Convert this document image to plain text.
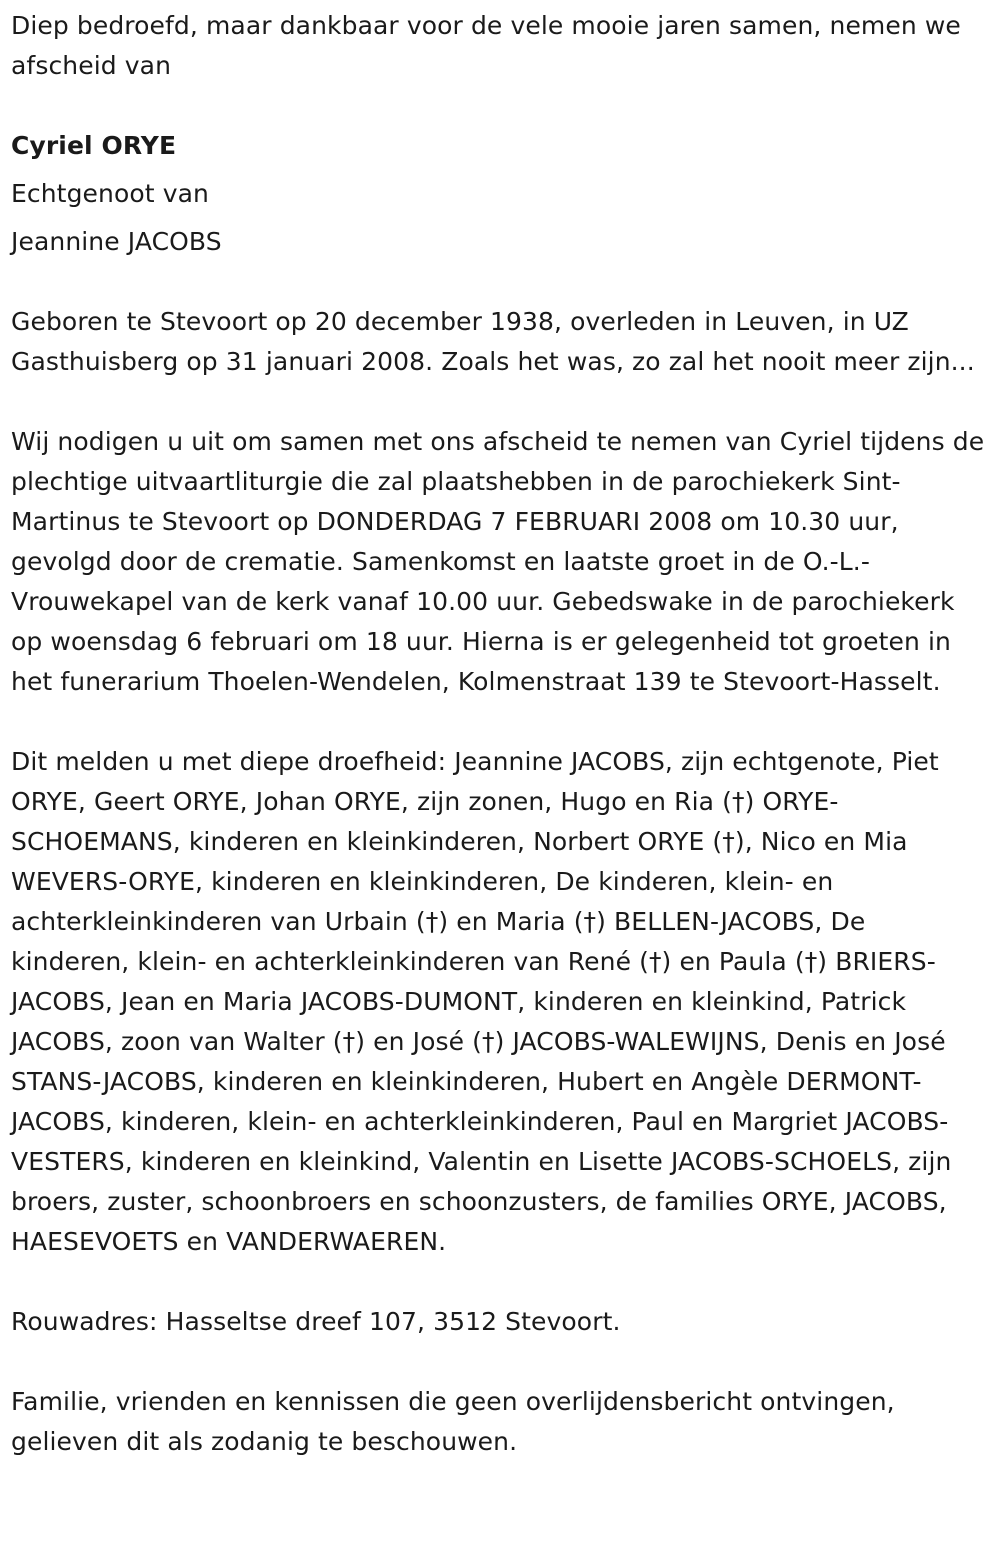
Diep bedroefd, maar dankbaar voor de vele mooie jaren samen, nemen we afscheid van

Cyriel ORYE

Echtgenoot van

Jeannine JACOBS

Geboren te Stevoort op 20 december 1938, overleden in Leuven, in UZ Gasthuisberg op 31 januari 2008. Zoals het was, zo zal het nooit meer zijn...

Wij nodigen u uit om samen met ons afscheid te nemen van Cyriel tijdens de plechtige uitvaartliturgie die zal plaatshebben in de parochiekerk Sint-Martinus te Stevoort op DONDERDAG 7 FEBRUARI 2008 om 10.30 uur, gevolgd door de crematie. Samenkomst en laatste groet in de O.-L.-Vrouwekapel van de kerk vanaf 10.00 uur. Gebedswake in de parochiekerk op woensdag 6 februari om 18 uur. Hierna is er gelegenheid tot groeten in het funerarium Thoelen-Wendelen, Kolmenstraat 139 te Stevoort-Hasselt.

Dit melden u met diepe droefheid: Jeannine JACOBS, zijn echtgenote, Piet ORYE, Geert ORYE, Johan ORYE, zijn zonen, Hugo en Ria (†) ORYE-SCHOEMANS, kinderen en kleinkinderen, Norbert ORYE (†), Nico en Mia WEVERS-ORYE, kinderen en kleinkinderen, De kinderen, klein- en achterkleinkinderen van Urbain (†) en Maria (†) BELLEN-JACOBS, De kinderen, klein- en achterkleinkinderen van René (†) en Paula (†) BRIERS-JACOBS, Jean en Maria JACOBS-DUMONT, kinderen en kleinkind, Patrick JACOBS, zoon van Walter (†) en José (†) JACOBS-WALEWIJNS, Denis en José STANS-JACOBS, kinderen en kleinkinderen, Hubert en Angèle DERMONT-JACOBS, kinderen, klein- en achterkleinkinderen, Paul en Margriet JACOBS-VESTERS, kinderen en kleinkind, Valentin en Lisette JACOBS-SCHOELS, zijn broers, zuster, schoonbroers en schoonzusters, de families ORYE, JACOBS, HAESEVOETS en VANDERWAEREN.

Rouwadres: Hasseltse dreef 107, 3512 Stevoort.

Familie, vrienden en kennissen die geen overlijdensbericht ontvingen, gelieven dit als zodanig te beschouwen.
